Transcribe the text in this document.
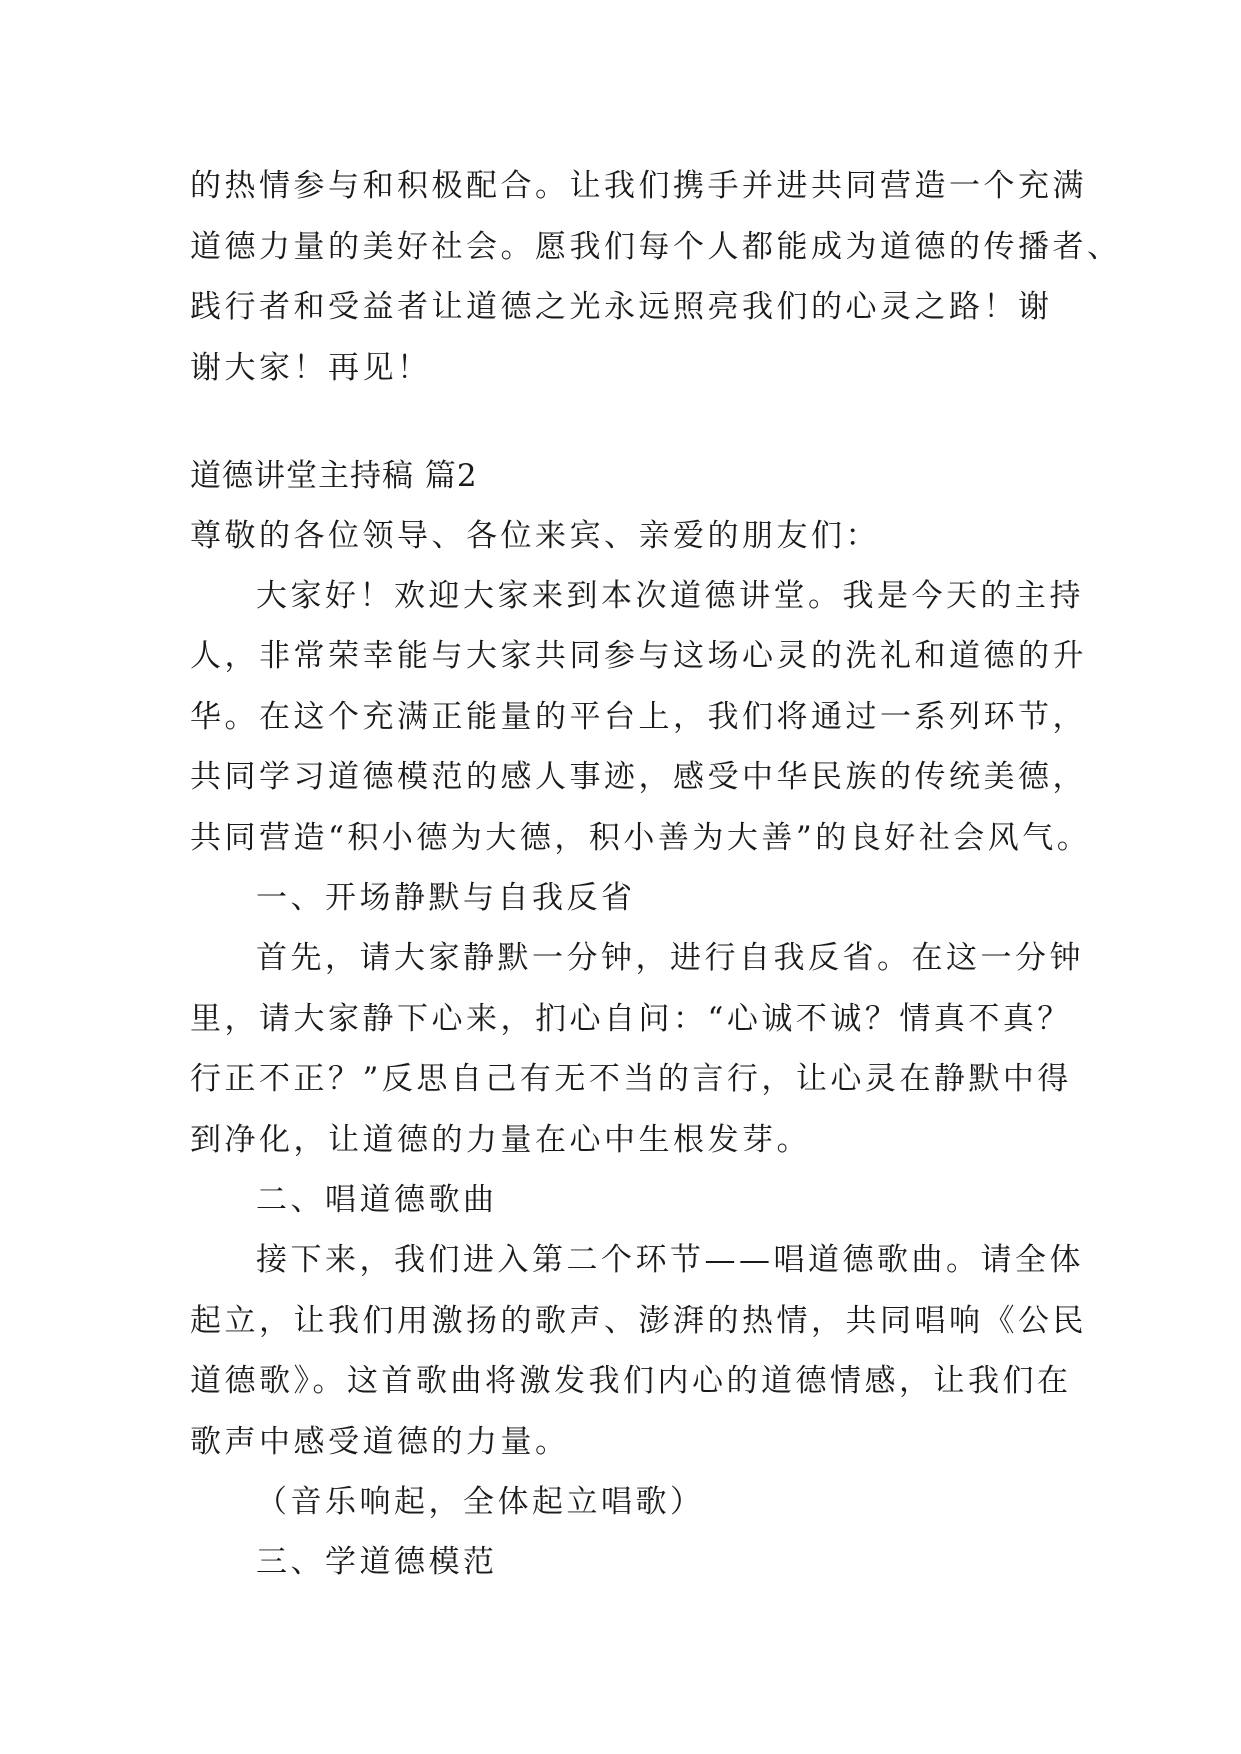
的热情参与和积极配合。让我们携手并进共同营造一个充满
道德力量的美好社会。愿我们每个人都能成为道德的传播者、
践行者和受益者让道德之光永远照亮我们的心灵之路！谢
谢大家！再见！
道德讲堂主持稿 篇2
尊敬的各位领导、各位来宾、亲爱的朋友们：
大家好！欢迎大家来到本次道德讲堂。我是今天的主持
人，非常荣幸能与大家共同参与这场心灵的洗礼和道德的升
华。在这个充满正能量的平台上，我们将通过一系列环节，
共同学习道德模范的感人事迹，感受中华民族的传统美德，
共同营造“积小德为大德，积小善为大善”的良好社会风气。
一、开场静默与自我反省
首先，请大家静默一分钟，进行自我反省。在这一分钟
里，请大家静下心来，扪心自问：“心诚不诚？情真不真？
行正不正？”反思自己有无不当的言行，让心灵在静默中得
到净化，让道德的力量在心中生根发芽。
二、唱道德歌曲
接下来，我们进入第二个环节——唱道德歌曲。请全体
起立，让我们用激扬的歌声、澎湃的热情，共同唱响《公民
道德歌》。这首歌曲将激发我们内心的道德情感，让我们在
歌声中感受道德的力量。
（音乐响起，全体起立唱歌）
三、学道德模范
